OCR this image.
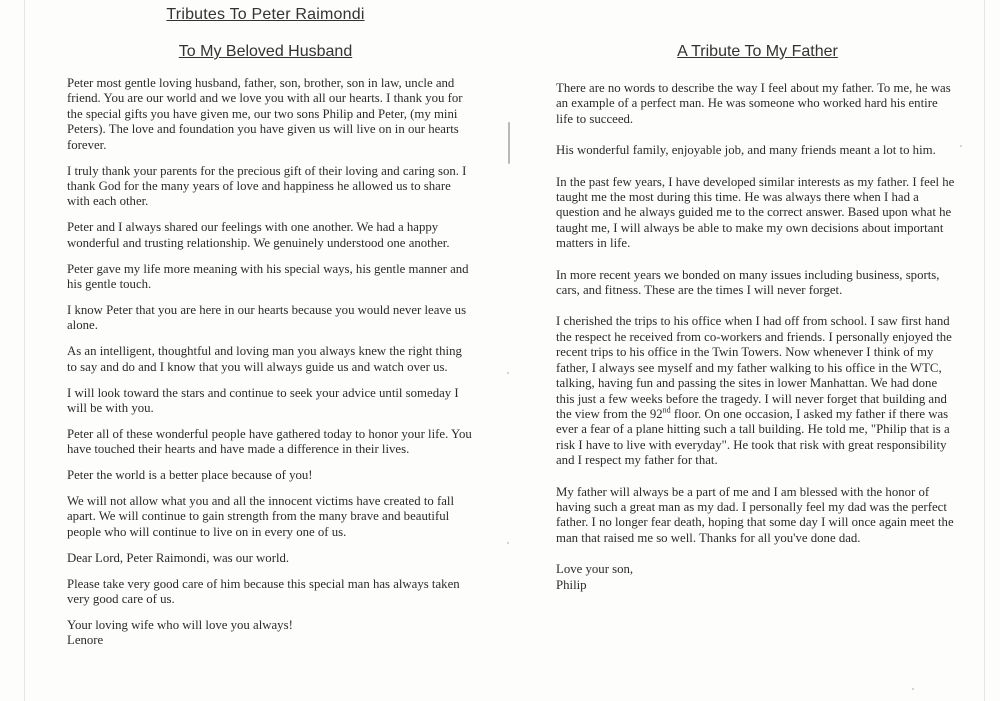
Tributes To Peter Raimondi
To My Beloved Husband	A Tribute To My Father

Peter most gentle loving husband, father, son, brother, son in law, uncle and friend. You are our world and we love you with all our hearts. I thank you for the special gifts you have given me, our two sons Philip and Peter, (my mini Peters). The love and foundation you have given us will live on in our hearts forever.

I truly thank your parents for the precious gift of their loving and caring son. I thank God for the many years of love and happiness he allowed us to share with each other.

Peter and I always shared our feelings with one another. We had a happy wonderful and trusting relationship. We genuinely understood one another.

Peter gave my life more meaning with his special ways, his gentle manner and his gentle touch.

I know Peter that you are here in our hearts because you would never leave us alone.

As an intelligent, thoughtful and loving man you always knew the right thing to say and do and I know that you will always guide us and watch over us.

I will look toward the stars and continue to seek your advice until someday I will be with you.

Peter all of these wonderful people have gathered today to honor your life. You have touched their hearts and have made a difference in their lives.

Peter the world is a better place because of you!

We will not allow what you and all the innocent victims have created to fall apart. We will continue to gain strength from the many brave and beautiful people who will continue to live on in every one of us.

Dear Lord, Peter Raimondi, was our world.

Please take very good care of him because this special man has always taken very good care of us.

Your loving wife who will love you always!
Lenore

There are no words to describe the way I feel about my father. To me, he was an example of a perfect man. He was someone who worked hard his entire life to succeed.

His wonderful family, enjoyable job, and many friends meant a lot to him.

In the past few years, I have developed similar interests as my father. I feel he taught me the most during this time. He was always there when I had a question and he always guided me to the correct answer. Based upon what he taught me, I will always be able to make my own decisions about important matters in life.

In more recent years we bonded on many issues including business, sports, cars, and fitness. These are the times I will never forget.

I cherished the trips to his office when I had off from school. I saw first hand the respect he received from co-workers and friends. I personally enjoyed the recent trips to his office in the Twin Towers. Now whenever I think of my father, I always see myself and my father walking to his office in the WTC, talking, having fun and passing the sites in lower Manhattan. We had done this just a few weeks before the tragedy. I will never forget that building and the view from the 92nd floor. On one occasion, I asked my father if there was ever a fear of a plane hitting such a tall building. He told me, "Philip that is a risk I have to live with everyday". He took that risk with great responsibility and I respect my father for that.

My father will always be a part of me and I am blessed with the honor of having such a great man as my dad. I personally feel my dad was the perfect father. I no longer fear death, hoping that some day I will once again meet the man that raised me so well. Thanks for all you've done dad.

Love your son,
Philip
